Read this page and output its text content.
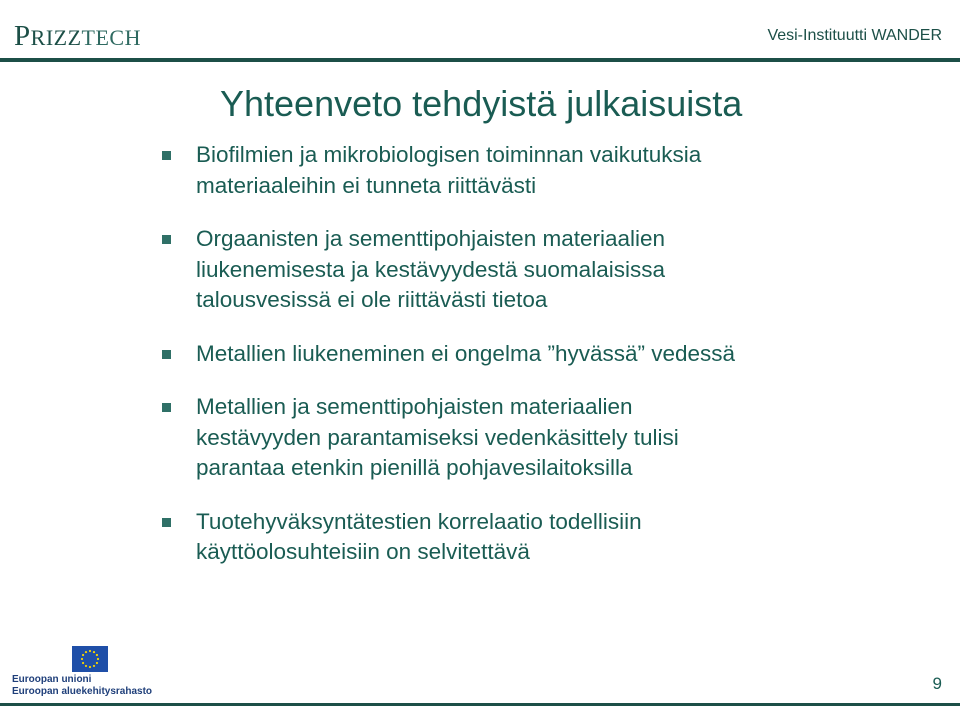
PRIZZTECH	Vesi-Instituutti WANDER
Yhteenveto tehdyistä julkaisuista
Biofilmien ja mikrobiologisen toiminnan vaikutuksia
materiaaleihin ei tunneta riittävästi
Orgaanisten ja sementtipohjaisten materiaalien
liukenemisesta ja kestävyydestä suomalaisissa
talousvesissä ei ole riittävästi tietoa
Metallien liukeneminen ei ongelma ”hyvässä” vedessä
Metallien ja sementtipohjaisten materiaalien
kestävyyden parantamiseksi vedenkäsittely tulisi
parantaa etenkin pienillä pohjavesilaitoksilla
Tuotehyväksyntätestien korrelaatio todellisiin
käyttöolosuhteisiin on selvitettävä
Euroopan unioni
Euroopan aluekehitysrahasto	9
